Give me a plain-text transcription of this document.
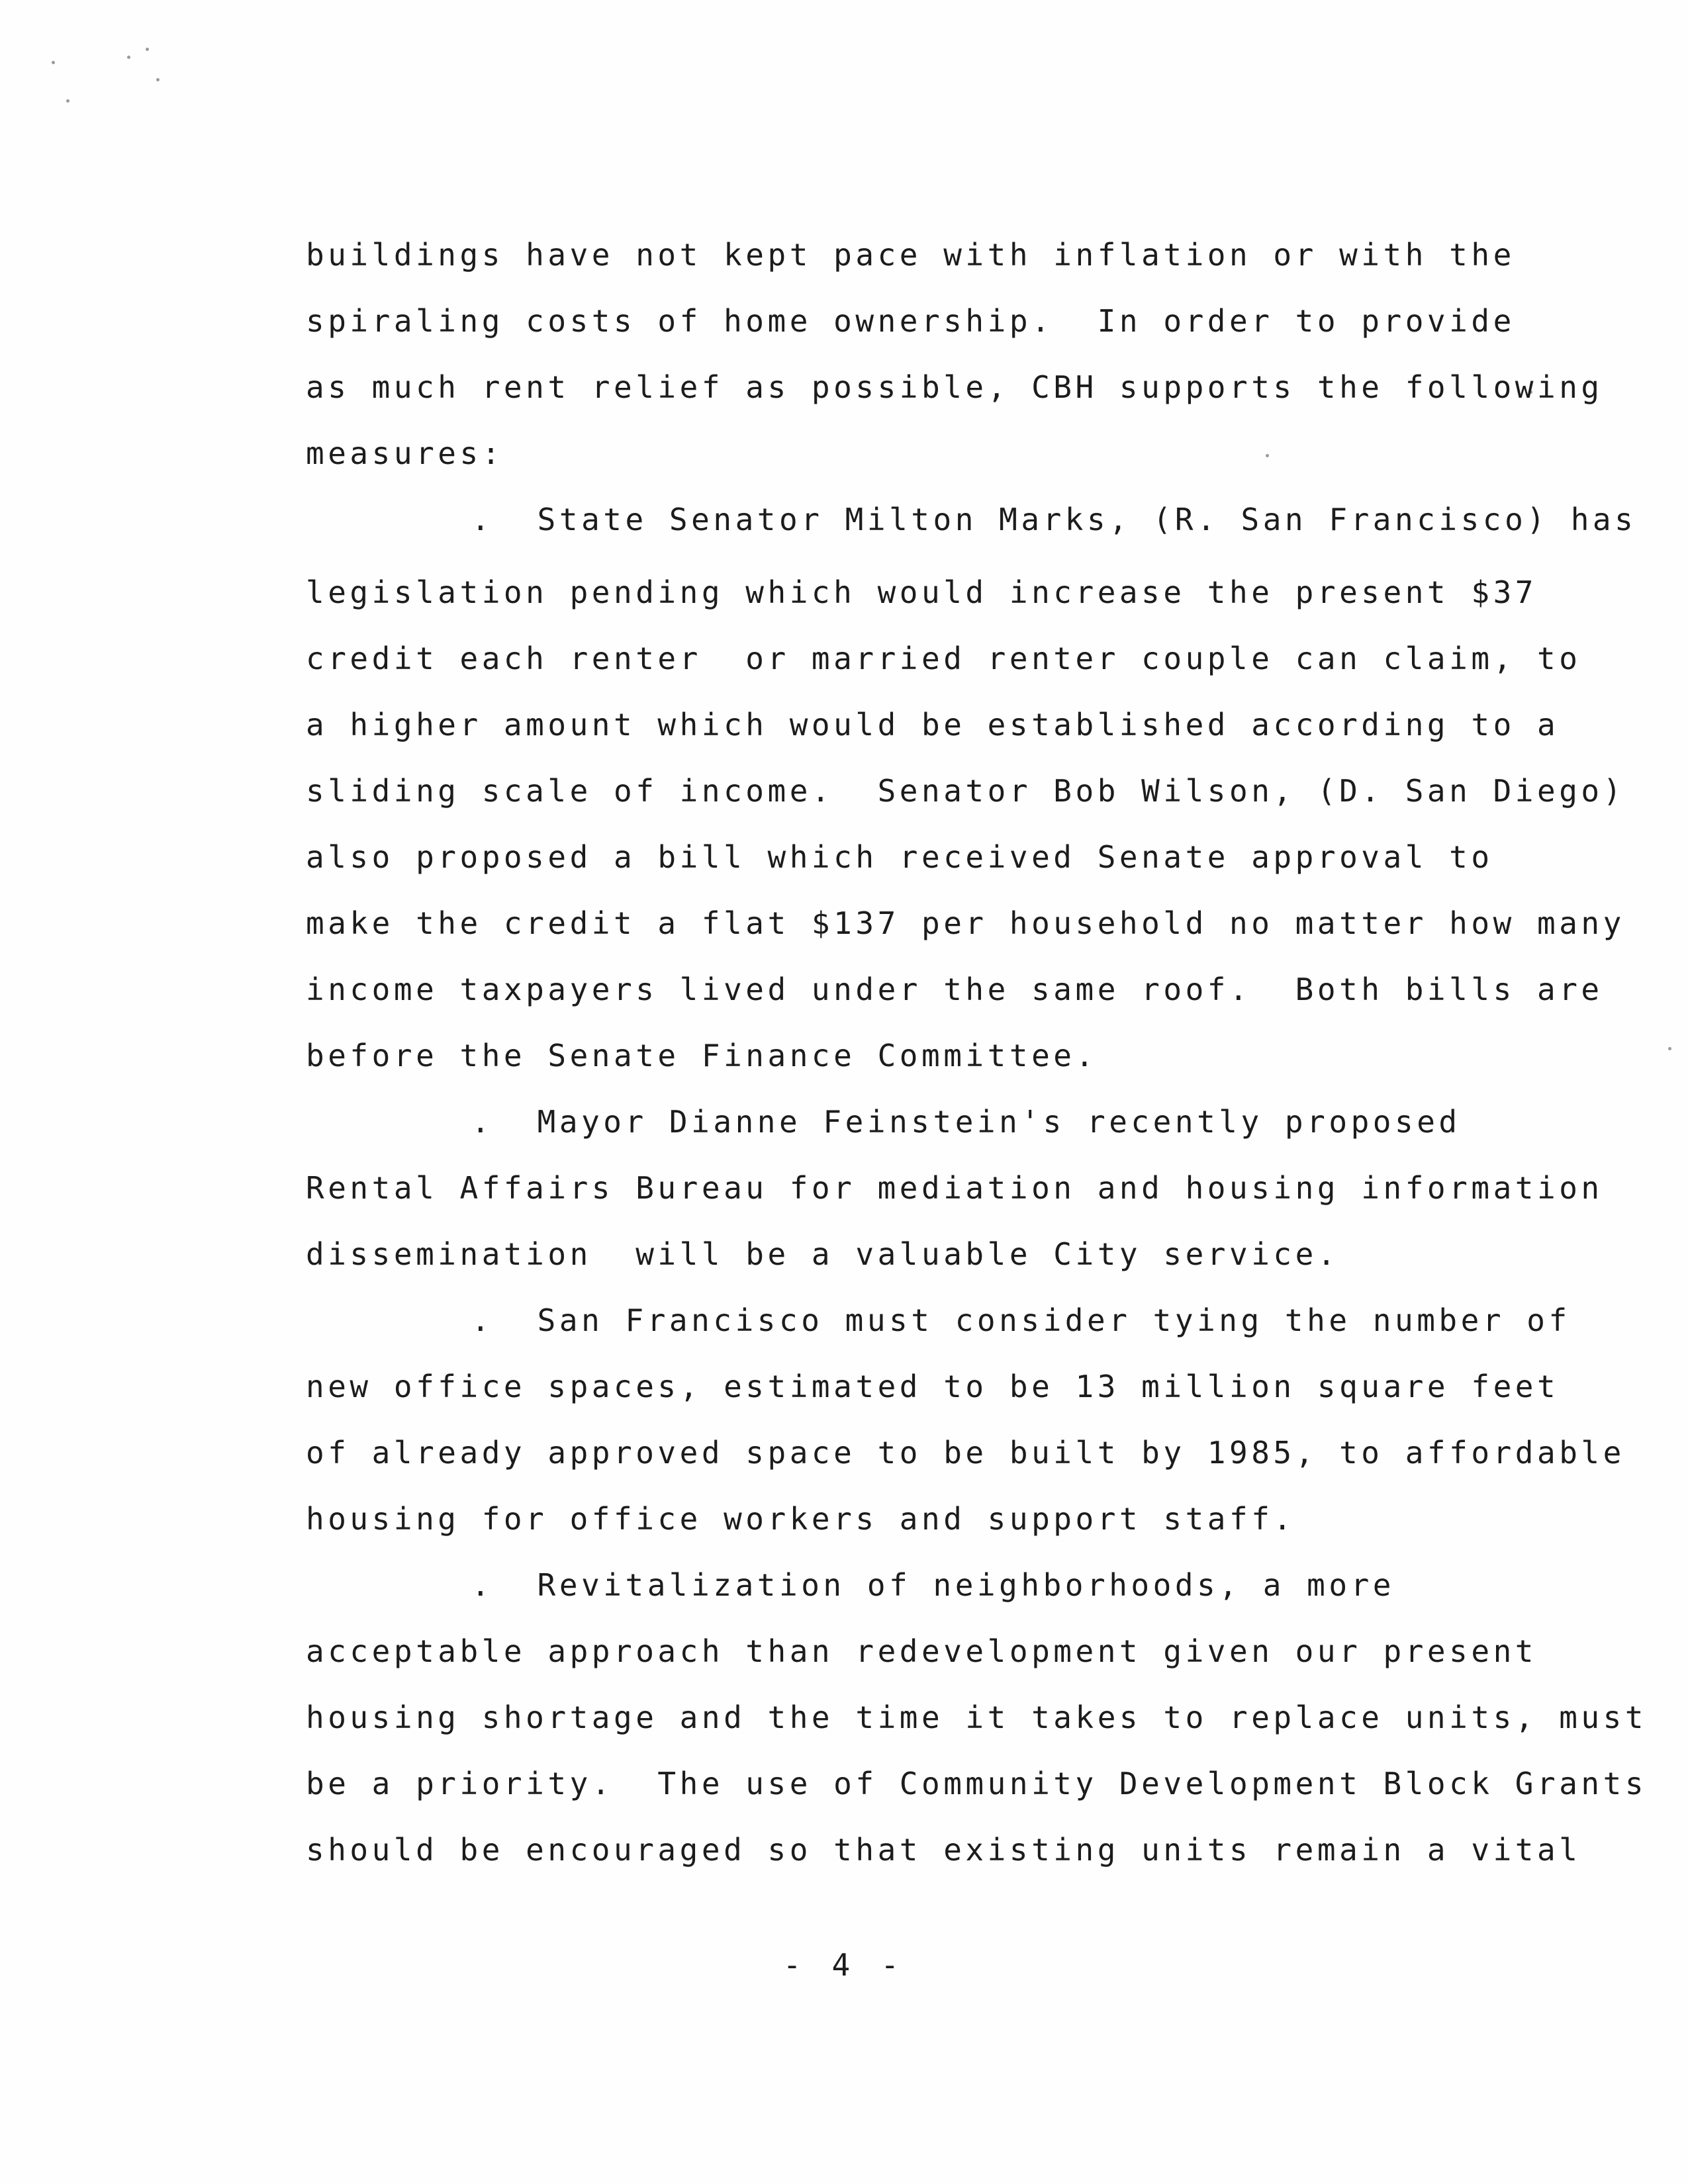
buildings have not kept pace with inflation or with the
spiraling costs of home ownership.  In order to provide
as much rent relief as possible, CBH supports the following
measures:
.  State Senator Milton Marks, (R. San Francisco) has
legislation pending which would increase the present $37
credit each renter  or married renter couple can claim, to
a higher amount which would be established according to a
sliding scale of income.  Senator Bob Wilson, (D. San Diego)
also proposed a bill which received Senate approval to
make the credit a flat $137 per household no matter how many
income taxpayers lived under the same roof.  Both bills are
before the Senate Finance Committee.
.  Mayor Dianne Feinstein's recently proposed
Rental Affairs Bureau for mediation and housing information
dissemination  will be a valuable City service.
.  San Francisco must consider tying the number of
new office spaces, estimated to be 13 million square feet
of already approved space to be built by 1985, to affordable
housing for office workers and support staff.
.  Revitalization of neighborhoods, a more
acceptable approach than redevelopment given our present
housing shortage and the time it takes to replace units, must
be a priority.  The use of Community Development Block Grants
should be encouraged so that existing units remain a vital
- 4 -
